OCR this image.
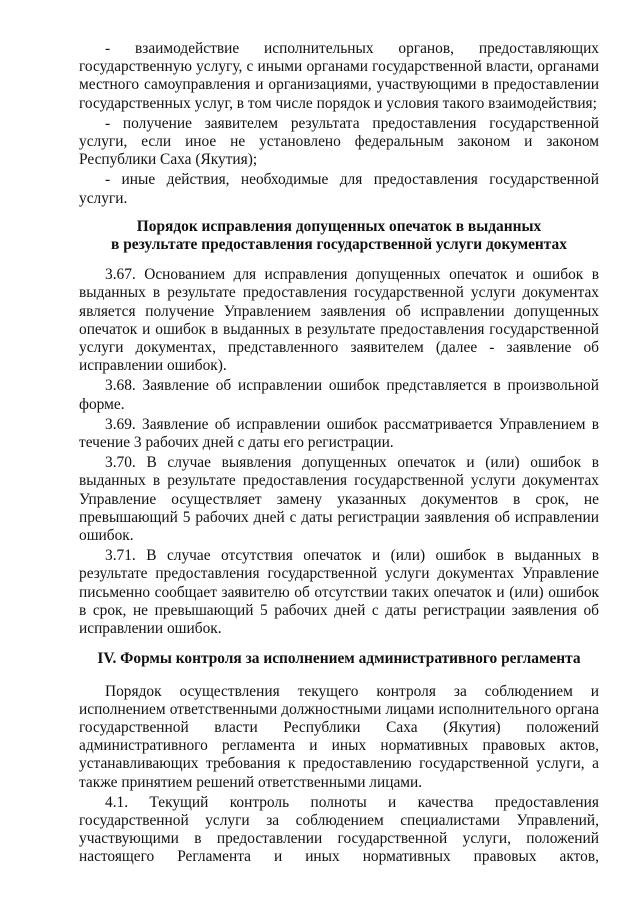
- взаимодействие исполнительных органов, предоставляющих государственную услугу, с иными органами государственной власти, органами местного самоуправления и организациями, участвующими в предоставлении государственных услуг, в том числе порядок и условия такого взаимодействия;

- получение заявителем результата предоставления государственной услуги, если иное не установлено федеральным законом и законом Республики Саха (Якутия);

- иные действия, необходимые для предоставления государственной услуги.

Порядок исправления допущенных опечаток в выданных
в результате предоставления государственной услуги документах

3.67. Основанием для исправления допущенных опечаток и ошибок в выданных в результате предоставления государственной услуги документах является получение Управлением заявления об исправлении допущенных опечаток и ошибок в выданных в результате предоставления государственной услуги документах, представленного заявителем (далее - заявление об исправлении ошибок).

3.68. Заявление об исправлении ошибок представляется в произвольной форме.

3.69. Заявление об исправлении ошибок рассматривается Управлением в течение 3 рабочих дней с даты его регистрации.

3.70. В случае выявления допущенных опечаток и (или) ошибок в выданных в результате предоставления государственной услуги документах Управление осуществляет замену указанных документов в срок, не превышающий 5 рабочих дней с даты регистрации заявления об исправлении ошибок.

3.71. В случае отсутствия опечаток и (или) ошибок в выданных в результате предоставления государственной услуги документах Управление письменно сообщает заявителю об отсутствии таких опечаток и (или) ошибок в срок, не превышающий 5 рабочих дней с даты регистрации заявления об исправлении ошибок.

IV. Формы контроля за исполнением административного регламента

Порядок осуществления текущего контроля за соблюдением и исполнением ответственными должностными лицами исполнительного органа государственной власти Республики Саха (Якутия) положений административного регламента и иных нормативных правовых актов, устанавливающих требования к предоставлению государственной услуги, а также принятием решений ответственными лицами.

4.1. Текущий контроль полноты и качества предоставления государственной услуги за соблюдением специалистами Управлений, участвующими в предоставлении государственной услуги, положений настоящего Регламента и иных нормативных правовых актов,
